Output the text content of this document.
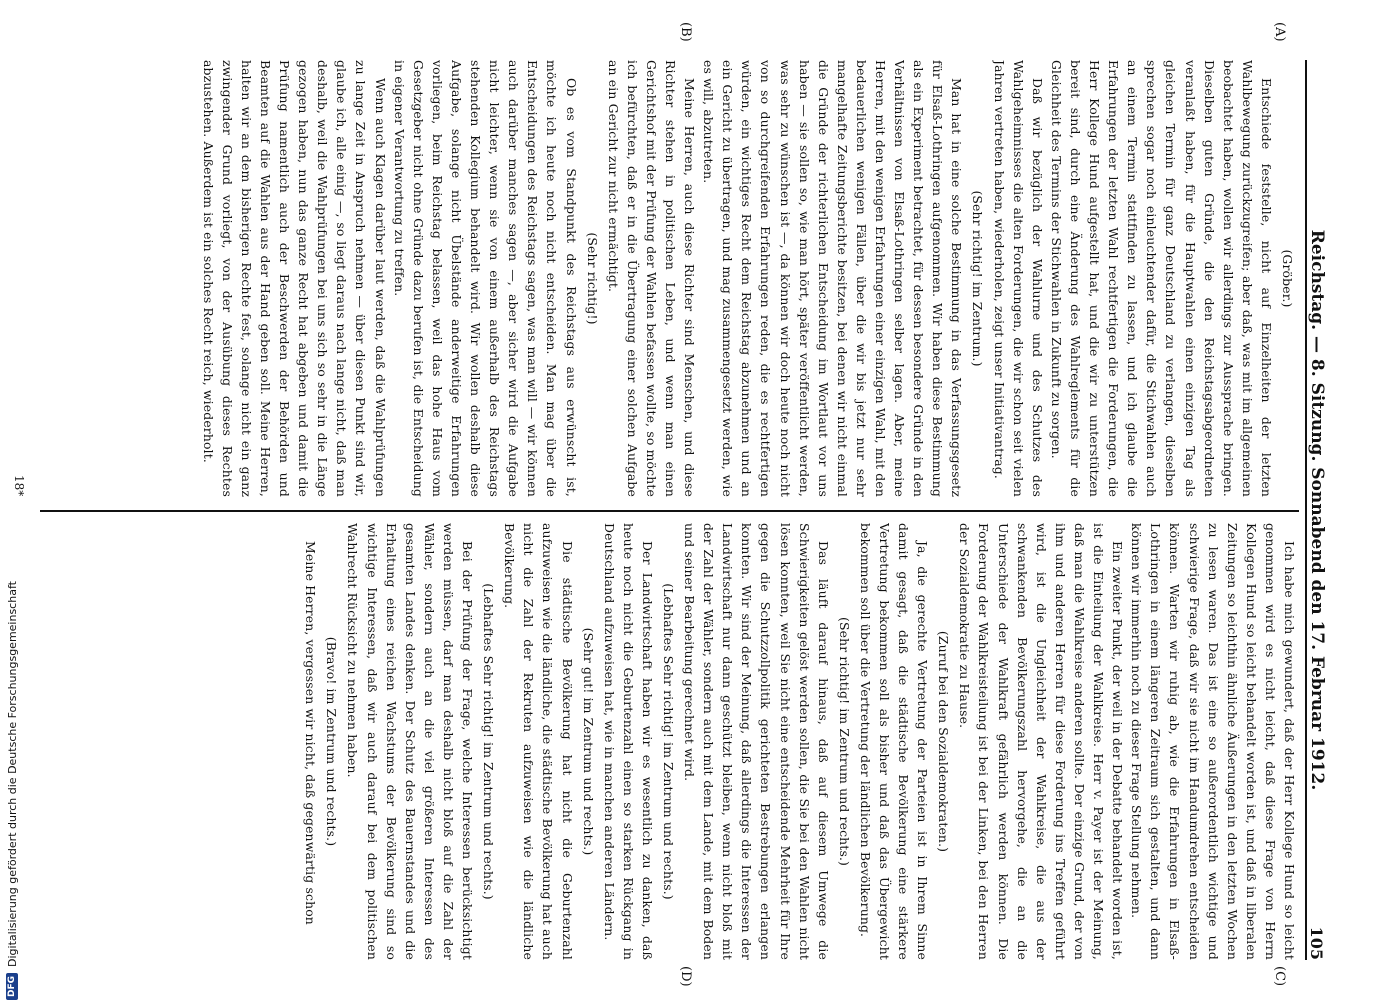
Reichstag. — 8. Sitzung. Sonnabend den 17. Februar 1912.
105
(A)
(B)
(C)
(D)

(Gröber.)

Entschiede feststelle, nicht auf Einzelheiten der letzten Wahlbewegung zurückzugreifen; aber daß, was mit im allgemeinen beobachtet haben, wollen wir allerdings zur Aussprache bringen. Dieselben guten Gründe, die den Reichstagsabgeordneten veranlaßt haben, für die Hauptwahlen einen einzigen Tag als gleichen Termin für ganz Deutschland zu verlangen, dieselben sprechen sogar noch einleuchtender dafür, die Stichwahlen auch an einem Termin stattfinden zu lassen, und ich glaube die Erfahrungen der letzten Wahl rechtfertigen die Forderungen, die Herr Kollege Hund aufgestellt hat, und die wir zu unterstützen bereit sind, durch eine Änderung des Wahlreglements für die Gleichheit des Termins der Stichwahlen in Zukunft zu sorgen.

Daß wir bezüglich der Wahlurne und des Schutzes des Wahlgeheimnisses die alten Forderungen, die wir schon seit vielen Jahren vertreten haben, wiederholen, zeigt unser Initiativantrag.

(Sehr richtig! im Zentrum.)

Man hat in eine solche Bestimmung in das Verfassungsgesetz für Elsaß-Lothringen aufgenommen. Wir haben diese Bestimmung als ein Experiment betrachtet, für dessen besondere Gründe in den Verhältnissen von Elsaß-Lothringen selber lagen. Aber, meine Herren, mit den wenigen Erfahrungen einer einzigen Wahl, mit den bedauerlichen wenigen Fällen, über die wir bis jetzt nur sehr mangelhafte Zeitungsberichte besitzen, bei denen wir nicht einmal die Gründe der richterlichen Entscheidung im Wortlaut vor uns haben — sie sollen so, wie man hört, später veröffentlicht werden, was sehr zu wünschen ist —, da können wir doch heute noch nicht von so durchgreifenden Erfahrungen reden, die es rechtfertigen würden, ein wichtiges Recht dem Reichstag abzunehmen und an ein Gericht zu übertragen, und mag zusammengesetzt werden, wie es will, abzutreten.

Meine Herren, auch diese Richter sind Menschen, und diese Richter stehen in politischen Leben, und wenn man einen Gerichtshof mit der Prüfung der Wahlen befassen wollte, so möchte ich befürchten, daß er in die Übertragung einer solchen Aufgabe an ein Gericht zur nicht ermächtigt.

(Sehr richtig!)

Ob es vom Standpunkt des Reichstags aus erwünscht ist, möchte ich heute noch nicht entscheiden. Man mag über die Entscheidungen des Reichstags sagen, was man will — wir können auch darüber manches sagen —, aber sicher wird die Aufgabe nicht leichter, wenn sie von einem außerhalb des Reichstags stehenden Kollegium behandelt wird. Wir wollen deshalb diese Aufgabe, solange nicht Übelstände anderweitige Erfahrungen vorliegen, beim Reichstag belassen, weil das hohe Haus vom Gesetzgeber nicht ohne Gründe dazu berufen ist, die Entscheidung in eigener Verantwortung zu treffen.

Wenn auch Klagen darüber laut werden, daß die Wahlprüfungen zu lange Zeit in Anspruch nehmen — über diesen Punkt sind wir, glaube ich, alle einig —, so liegt daraus nach lange nicht, daß man deshalb, weil die Wahlprüfungen bei uns sich so sehr in die Länge gezogen haben, nun das ganze Recht hat abgeben und damit die Prüfung namentlich auch der Beschwerden der Behörden und Beamten auf die Wahlen aus der Hand geben soll. Meine Herren, halten wir an dem bisherigen Rechte fest, solange nicht ein ganz zwingender Grund vorliegt, von der Ausübung dieses Rechtes abzustehen. Außerdem ist ein solches Recht reich, wiederholt.

Ich habe mich gewundert, daß der Herr Kollege Hund so leicht genommen wird es nicht leicht, daß diese Frage von Herrn Kollegen Hund so leicht behandelt worden ist, und daß in liberalen Zeitungen so leichthin ähnliche Äußerungen in den letzten Wochen zu lesen waren. Das ist eine so außerordentlich wichtige und schwierige Frage, daß wir sie nicht im Handumdrehen entscheiden können. Warten wir ruhig ab, wie die Erfahrungen in Elsaß-Lothringen in einem längeren Zeitraum sich gestalten, und dann können wir immerhin noch zu dieser Frage Stellung nehmen.

Ein zweiter Punkt, der weil in der Debatte behandelt worden ist, ist die Einteilung der Wahlkreise. Herr v. Payer ist der Meinung, daß man die Wahlkreise anderen sollte. Der einzige Grund, der von ihm und anderen Herren für diese Forderung ins Treffen geführt wird, ist die Ungleichheit der Wahlkreise, die aus der schwankenden Bevölkerungszahl hervorgehe, die an die Unterschiede der Wahlkraft gefährlich werden können. Die Forderung der Wahlkreisteilung ist bei der Linken, bei den Herren der Sozialdemokratie zu Hause.

(Zuruf bei den Sozialdemokraten.)

Ja, die gerechte Vertretung der Parteien ist in Ihrem Sinne damit gesagt, daß die städtische Bevölkerung eine stärkere Vertretung bekommen soll als bisher und daß das Übergewicht bekommen soll über die Vertretung der ländlichen Bevölkerung.

(Sehr richtig! im Zentrum und rechts.)

Das läuft darauf hinaus, daß auf diesem Umwege die Schwierigkeiten gelöst werden sollen, die Sie bei den Wahlen nicht lösen konnten, weil Sie nicht eine entscheidende Mehrheit für Ihre gegen die Schutzzollpolitik gerichteten Bestrebungen erlangen konnten. Wir sind der Meinung, daß allerdings die Interessen der Landwirtschaft nur dann geschützt bleiben, wenn nicht bloß mit der Zahl der Wähler, sondern auch mit dem Lande, mit dem Boden und seiner Bearbeitung gerechnet wird.

(Lebhaftes Sehr richtig! im Zentrum und rechts.)

Der Landwirtschaft haben wir es wesentlich zu danken, daß heute noch nicht die Geburtenzahl einen so starken Rückgang in Deutschland aufzuweisen hat, wie in manchen anderen Ländern.

(Sehr gut! im Zentrum und rechts.)

Die städtische Bevölkerung hat nicht die Geburtenzahl aufzuweisen wie die ländliche, die städtische Bevölkerung hat auch nicht die Zahl der Rekruten aufzuweisen wie die ländliche Bevölkerung.

(Lebhaftes Sehr richtig! im Zentrum und rechts.)

Bei der Prüfung der Frage, welche Interessen berücksichtigt werden müssen, darf man deshalb nicht bloß auf die Zahl der Wähler, sondern auch an die viel größeren Interessen des gesamten Landes denken. Der Schutz des Bauernstandes und die Erhaltung eines reichen Wachstums der Bevölkerung sind so wichtige Interessen, daß wir auch darauf bei dem politischen Wahlrecht Rücksicht zu nehmen haben.

(Bravo! im Zentrum und rechts.)

Meine Herren, vergessen wir nicht, daß gegenwärtig schon

18*
DFG
Digitalisierung gefördert durch die Deutsche Forschungsgemeinschaft
